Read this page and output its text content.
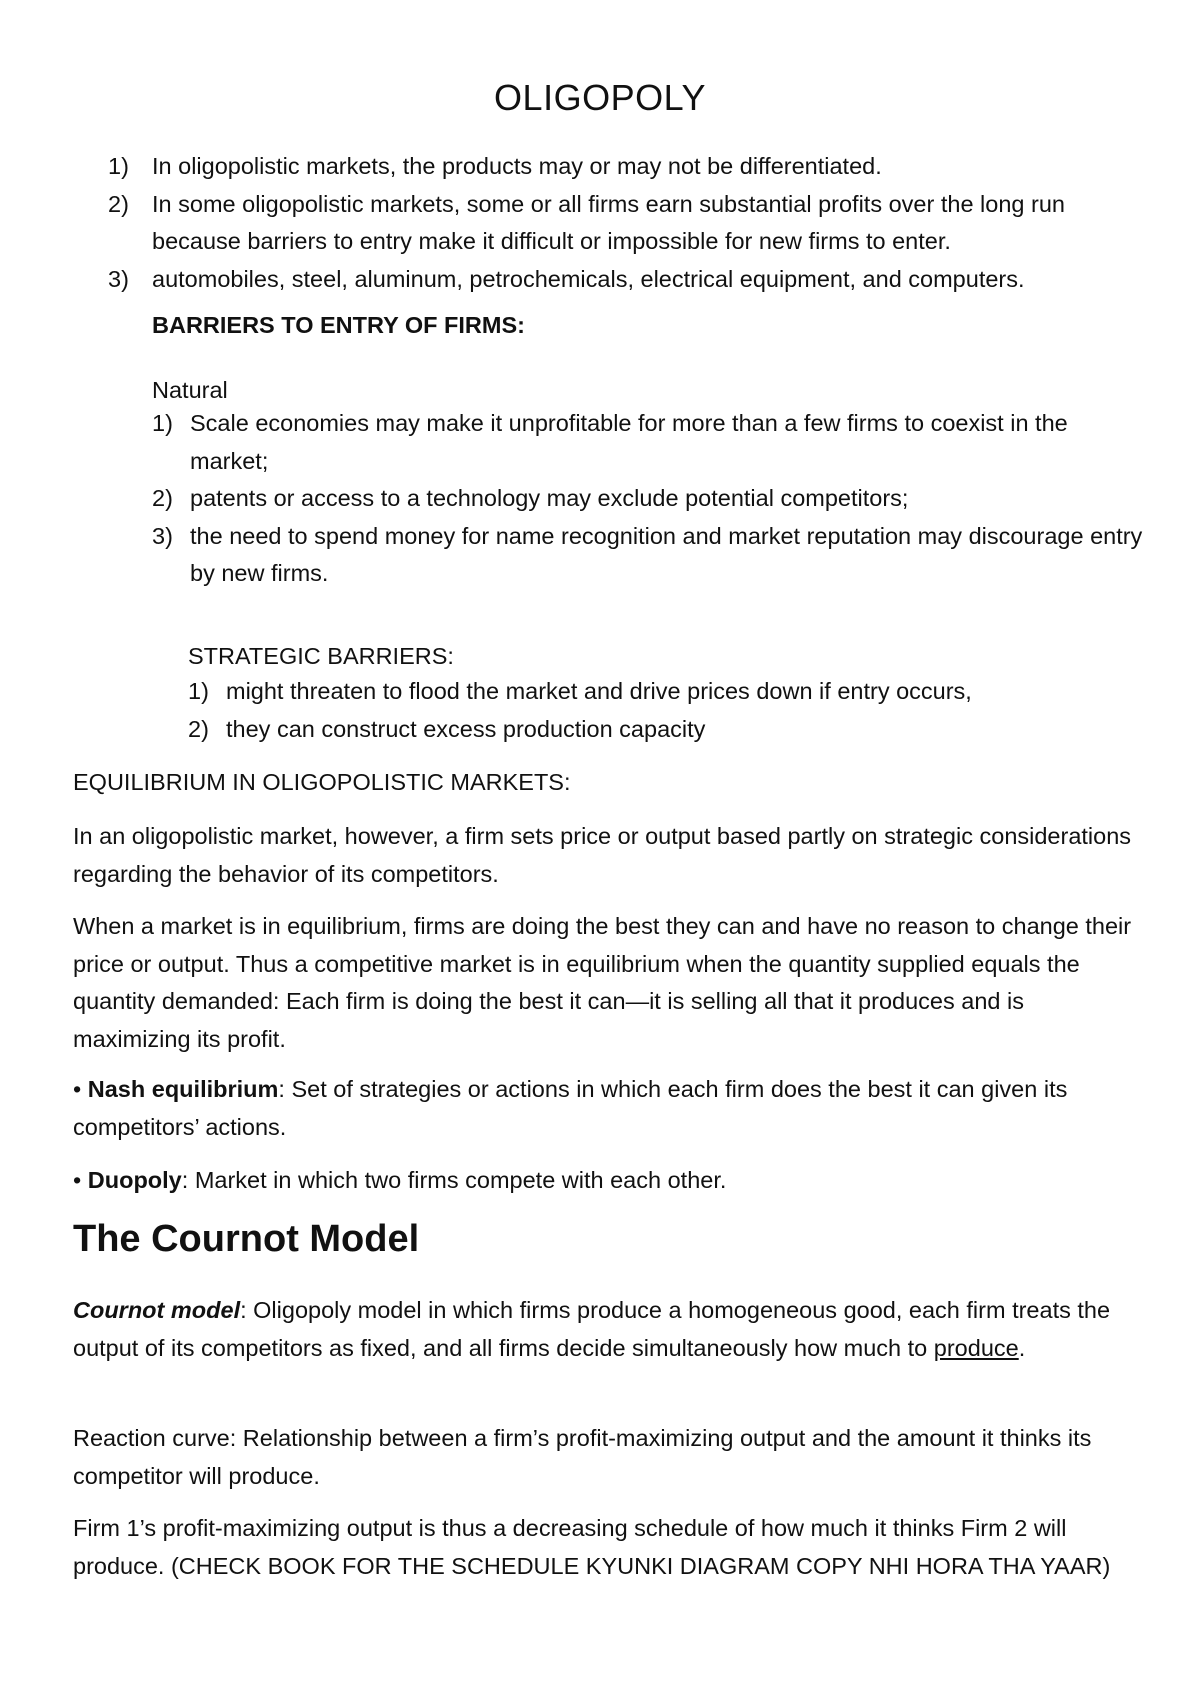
OLIGOPOLY
1) In oligopolistic markets, the products may or may not be differentiated.
2) In some oligopolistic markets, some or all firms earn substantial profits over the long run because barriers to entry make it difficult or impossible for new firms to enter.
3) automobiles, steel, aluminum, petrochemicals, electrical equipment, and computers.
BARRIERS TO ENTRY OF FIRMS:
Natural
1) Scale economies may make it unprofitable for more than a few firms to coexist in the market;
2) patents or access to a technology may exclude potential competitors;
3) the need to spend money for name recognition and market reputation may discourage entry by new firms.
STRATEGIC BARRIERS:
1) might threaten to flood the market and drive prices down if entry occurs,
2) they can construct excess production capacity
EQUILIBRIUM IN OLIGOPOLISTIC MARKETS:

In an oligopolistic market, however, a firm sets price or output based partly on strategic considerations regarding the behavior of its competitors.

When a market is in equilibrium, firms are doing the best they can and have no reason to change their price or output. Thus a competitive market is in equilibrium when the quantity supplied equals the quantity demanded: Each firm is doing the best it can—it is selling all that it produces and is maximizing its profit.

• Nash equilibrium: Set of strategies or actions in which each firm does the best it can given its competitors’ actions.

• Duopoly: Market in which two firms compete with each other.

The Cournot Model

Cournot model: Oligopoly model in which firms produce a homogeneous good, each firm treats the output of its competitors as fixed, and all firms decide simultaneously how much to produce.

Reaction curve: Relationship between a firm’s profit-maximizing output and the amount it thinks its competitor will produce.

Firm 1’s profit-maximizing output is thus a decreasing schedule of how much it thinks Firm 2 will produce. (CHECK BOOK FOR THE SCHEDULE KYUNKI DIAGRAM COPY NHI HORA THA YAAR)
